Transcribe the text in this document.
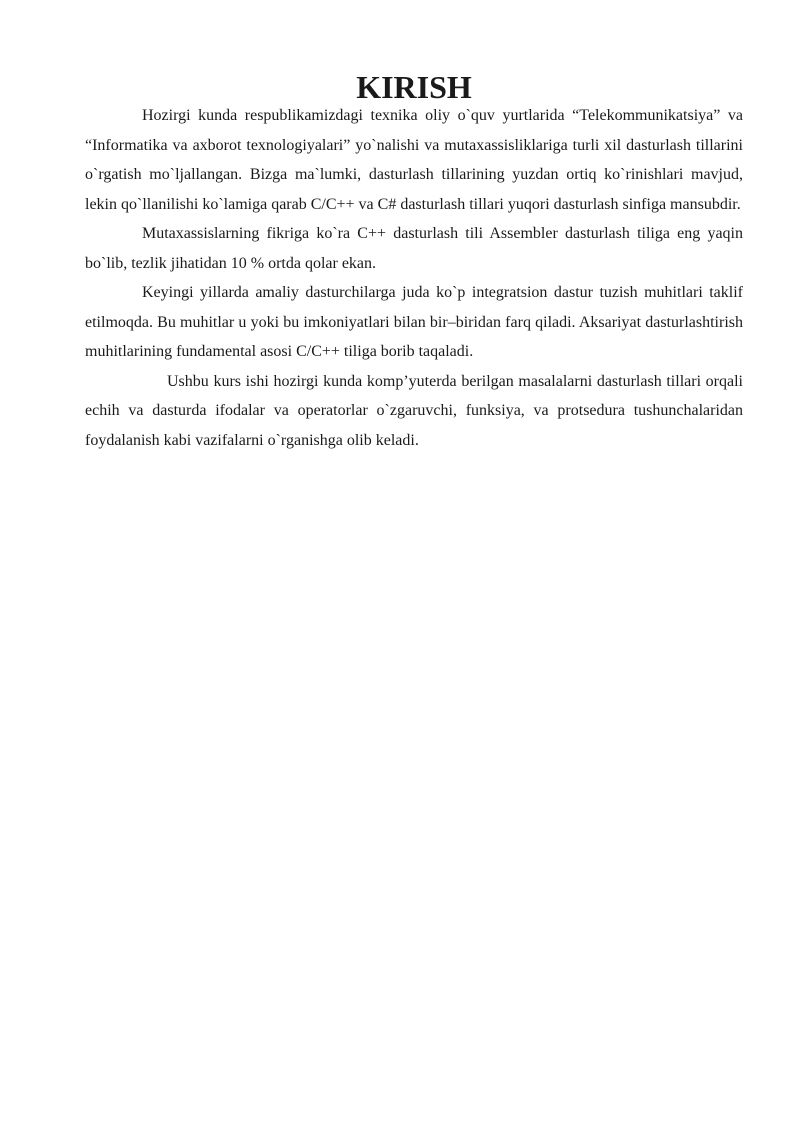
KIRISH

Hozirgi kunda respublikamizdagi texnika oliy o`quv yurtlarida “Telekommunikatsiya” va “Informatika va axborot texnologiyalari” yo`nalishi va mutaxassisliklariga turli xil dasturlash tillarini o`rgatish mo`ljallangan. Bizga ma`lumki, dasturlash tillarining yuzdan ortiq ko`rinishlari mavjud, lekin qo`llanilishi ko`lamiga qarab C/C++ va C# dasturlash tillari yuqori dasturlash sinfiga mansubdir.

Mutaxassislarning fikriga ko`ra C++ dasturlash tili Assembler dasturlash tiliga eng yaqin bo`lib, tezlik jihatidan 10 % ortda qolar ekan.

Keyingi yillarda amaliy dasturchilarga juda ko`p integratsion dastur tuzish muhitlari taklif etilmoqda. Bu muhitlar u yoki bu imkoniyatlari bilan bir–biridan farq qiladi. Aksariyat dasturlashtirish muhitlarining fundamental asosi C/C++ tiliga borib taqaladi.

Ushbu kurs ishi hozirgi kunda komp’yuterda berilgan masalalarni dasturlash tillari orqali echih va dasturda ifodalar va operatorlar o`zgaruvchi, funksiya, va protsedura tushunchalaridan foydalanish kabi vazifalarni o`rganishga olib keladi.
